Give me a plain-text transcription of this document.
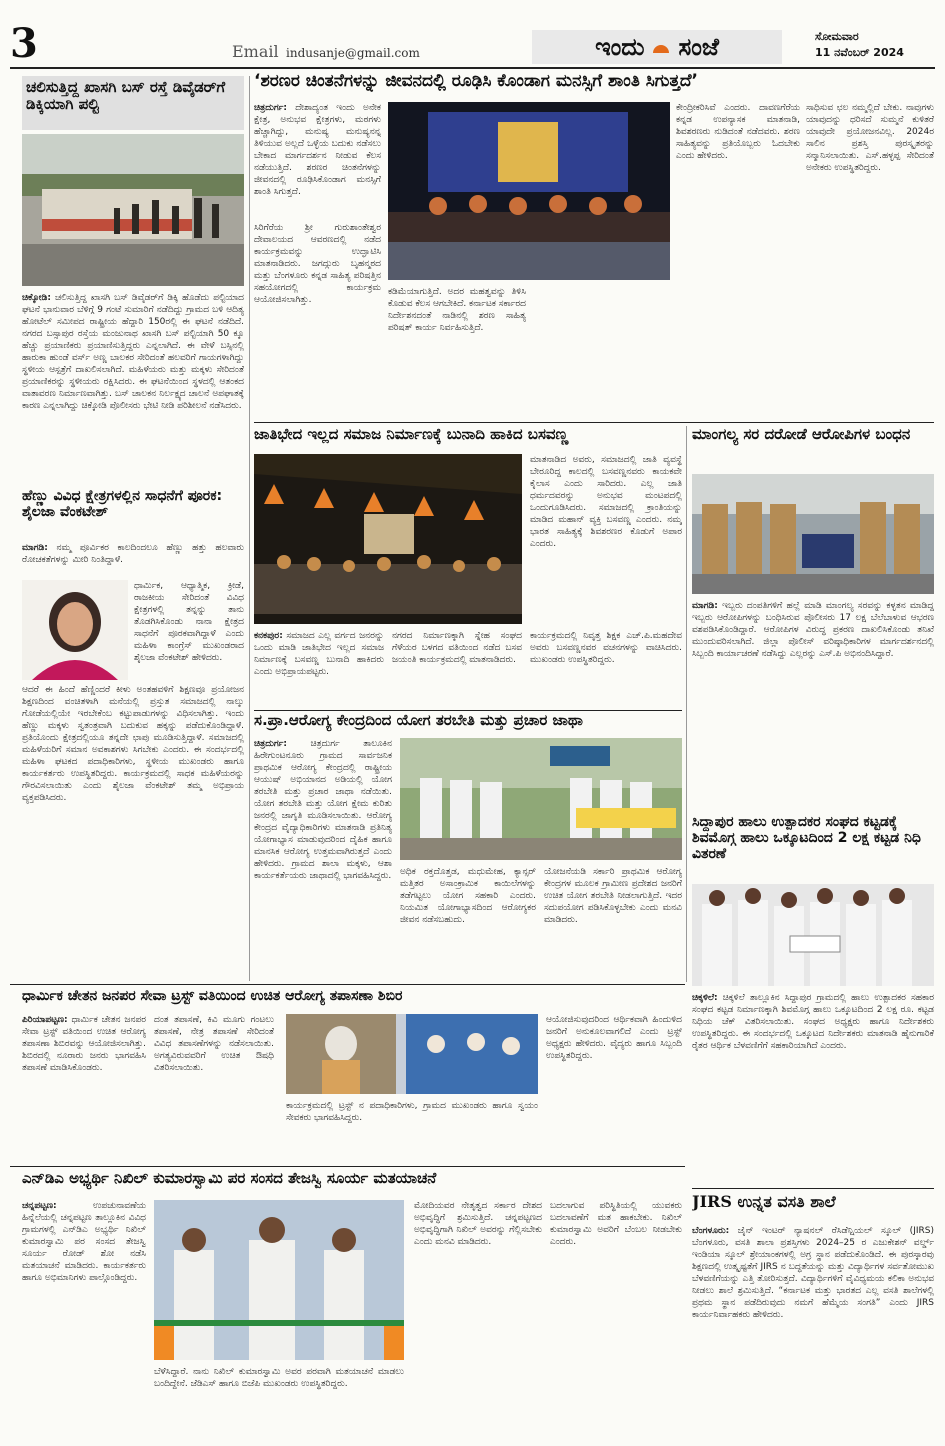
3	Email indusanje@gmail.com	ಇಂದು ಸಂಜೆ	ಸೋಮವಾರ
11 ನವೆಂಬರ್ 2024
ಚಲಿಸುತ್ತಿದ್ದ ಖಾಸಗಿ ಬಸ್ ರಸ್ತೆ ಡಿವೈಡರ್‌ಗೆ ಡಿಕ್ಕಿಯಾಗಿ ಪಲ್ಟಿ
ಚಿಕ್ಕೋಡಿ: ಚಲಿಸುತ್ತಿದ್ದ ಖಾಸಗಿ ಬಸ್ ಡಿವೈಡರ್‌ಗೆ ಡಿಕ್ಕಿ ಹೊಡೆದು ಪಲ್ಟಿಯಾದ ಘಟನೆ ಭಾನುವಾರ ಬೆಳಿಗ್ಗೆ 9 ಗಂಟೆ ಸುಮಾರಿಗೆ ನಡೆದಿದ್ದು ಗ್ರಾಮದ ಬಳಿ ಆದಿತ್ಯ ಹೋಟೆಲ್ ಸಮೀಪದ ರಾಷ್ಟ್ರೀಯ ಹೆದ್ದಾರಿ 150ರಲ್ಲಿ ಈ ಘಟನೆ ನಡೆದಿದೆ. ನಗರದ ಬಸ್ಸಾಪುರ ರಸ್ತೆಯ ಮಂಜುನಾಥ ಖಾಸಗಿ ಬಸ್ ಪಲ್ಟಿಯಾಗಿ 50 ಕ್ಕೂ ಹೆಚ್ಚು ಪ್ರಯಾಣಿಕರು ಪ್ರಯಾಣಿಸುತ್ತಿದ್ದರು ಎನ್ನಲಾಗಿದೆ. ಈ ವೇಳೆ ಬಸ್ಸಿನಲ್ಲಿ ಹಾರುಕಾ ಹುಂಡೆ ವರ್ಸ್ ಅಣ್ಣ ಬಾಲಕರ ಸೇರಿದಂತೆ ಹಲವರಿಗೆ ಗಾಯಗಳಾಗಿದ್ದು ಸ್ಥಳೀಯ ಆಸ್ಪತ್ರೆಗೆ ದಾಖಲಿಸಲಾಗಿದೆ. ಮಹಿಳೆಯರು ಮತ್ತು ಮಕ್ಕಳು ಸೇರಿದಂತೆ ಪ್ರಯಾಣಿಕರನ್ನು ಸ್ಥಳೀಯರು ರಕ್ಷಿಸಿದರು. ಈ ಘಟನೆಯಿಂದ ಸ್ಥಳದಲ್ಲಿ ಆತಂಕದ ವಾತಾವರಣ ನಿರ್ಮಾಣವಾಗಿತ್ತು. ಬಸ್ ಚಾಲಕನ ನಿರ್ಲಕ್ಷ್ಯದ ಚಾಲನೆ ಅಪಘಾತಕ್ಕೆ ಕಾರಣ ಎನ್ನಲಾಗಿದ್ದು ಚಿಕ್ಕೋಡಿ ಪೊಲೀಸರು ಭೇಟಿ ನೀಡಿ ಪರಿಶೀಲನೆ ನಡೆಸಿದರು.
ಹೆಣ್ಣು ವಿವಿಧ ಕ್ಷೇತ್ರಗಳಲ್ಲಿನ ಸಾಧನೆಗೆ ಪೂರಕ: ಶೈಲಜಾ ವೆಂಕಟೇಶ್
ಮಾಗಡಿ: ನಮ್ಮ ಪೂರ್ವಿಕರ ಕಾಲದಿಂದಲೂ ಹೆಣ್ಣು ಹತ್ತು ಹಲವಾರು ರೋಚಕತೆಗಳನ್ನು ಮೀರಿ ನಿಂತಿದ್ದಾಳೆ.
ಧಾರ್ಮಿಕ, ಆಧ್ಯಾತ್ಮಿಕ, ಕ್ರೀಡೆ, ರಾಜಕೀಯ ಸೇರಿದಂತೆ ವಿವಿಧ ಕ್ಷೇತ್ರಗಳಲ್ಲಿ ತನ್ನನ್ನು ತಾನು ತೊಡಗಿಸಿಕೊಂಡು ನಾನಾ ಕ್ಷೇತ್ರದ ಸಾಧನೆಗೆ ಪೂರಕವಾಗಿದ್ದಾಳೆ ಎಂದು ಮಹಿಳಾ ಕಾಂಗ್ರೆಸ್ ಮುಖಂಡರಾದ ಶೈಲಜಾ ವೆಂಕಟೇಶ್ ಹೇಳಿದರು.
ಆದರೆ ಈ ಹಿಂದೆ ಹೆಣ್ಣಿಂದರೆ ಕೀಳು ಅಂತಹವಳಿಗೆ ಶಿಕ್ಷಣವೂ ಪ್ರಯೋಜನ ಶಿಕ್ಷಣದಿಂದ ವಂಚಿತಳಾಗಿ ಮನೆಯಲ್ಲಿ ಪ್ರಸ್ತುತ ಸಮಾಜದಲ್ಲಿ ನಾಲ್ಕು ಗೋಡೆಯಲ್ಲಿಯೇ ಇರಬೇಕೆಂಬ ಕಟ್ಟುಪಾಡುಗಳನ್ನು ವಿಧಿಸಲಾಗಿತ್ತು. ಇಂದು ಹೆಣ್ಣು ಮಕ್ಕಳು ಸ್ವತಂತ್ರವಾಗಿ ಬದುಕುವ ಹಕ್ಕನ್ನು ಪಡೆದುಕೊಂಡಿದ್ದಾಳೆ. ಪ್ರತಿಯೊಂದು ಕ್ಷೇತ್ರದಲ್ಲಿಯೂ ತನ್ನದೇ ಛಾಪು ಮೂಡಿಸುತ್ತಿದ್ದಾಳೆ. ಸಮಾಜದಲ್ಲಿ ಮಹಿಳೆಯರಿಗೆ ಸಮಾನ ಅವಕಾಶಗಳು ಸಿಗಬೇಕು ಎಂದರು. ಈ ಸಂದರ್ಭದಲ್ಲಿ ಮಹಿಳಾ ಘಟಕದ ಪದಾಧಿಕಾರಿಗಳು, ಸ್ಥಳೀಯ ಮುಖಂಡರು ಹಾಗೂ ಕಾರ್ಯಕರ್ತರು ಉಪಸ್ಥಿತರಿದ್ದರು. ಕಾರ್ಯಕ್ರಮದಲ್ಲಿ ಸಾಧಕ ಮಹಿಳೆಯರನ್ನು ಗೌರವಿಸಲಾಯಿತು ಎಂದು ಶೈಲಜಾ ವೆಂಕಟೇಶ್ ತಮ್ಮ ಅಭಿಪ್ರಾಯ ವ್ಯಕ್ತಪಡಿಸಿದರು.
‘ಶರಣರ ಚಿಂತನೆಗಳನ್ನು ಜೀವನದಲ್ಲಿ ರೂಢಿಸಿ ಕೊಂಡಾಗ ಮನಸ್ಸಿಗೆ ಶಾಂತಿ ಸಿಗುತ್ತದೆ’
ಚಿತ್ರದುರ್ಗ: ದೇಶಾದ್ಯಂತ ಇಂದು ಅನೇಕ ಕ್ಷೇತ್ರ, ಅನುಭವ ಕ್ಷೇತ್ರಗಳು, ಮಠಗಳು ಹೆಚ್ಚಾಗಿದ್ದು, ಮನುಷ್ಯ ಮನುಷ್ಯನನ್ನ ತಿಳಿಯುವ ಅಲ್ಲದೆ ಒಳ್ಳೆಯ ಬದುಕು ನಡೆಸಲು ಬೇಕಾದ ಮಾರ್ಗದರ್ಶನ ನೀಡುವ ಕೆಲಸ ನಡೆಯುತ್ತಿದೆ. ಶರಣರ ಚಿಂತನೆಗಳನ್ನು ಜೀವನದಲ್ಲಿ ರೂಢಿಸಿಕೊಂಡಾಗ ಮನಸ್ಸಿಗೆ ಶಾಂತಿ ಸಿಗುತ್ತದೆ.
ಸಿರಿಗೆರೆಯ ಶ್ರೀ ಗುರುಶಾಂತೇಶ್ವರ ದೇವಾಲಯದ ಆವರಣದಲ್ಲಿ ನಡೆದ ಕಾರ್ಯಕ್ರಮವನ್ನು ಉದ್ಘಾಟಿಸಿ ಮಾತನಾಡಿದರು. ಜಗದ್ಗುರು ಬೃಹನ್ಮಠದ ಮತ್ತು ಬೆಂಗಳೂರು ಕನ್ನಡ ಸಾಹಿತ್ಯ ಪರಿಷತ್ತಿನ ಸಹಯೋಗದಲ್ಲಿ ಕಾರ್ಯಕ್ರಮ ಆಯೋಜಿಸಲಾಗಿತ್ತು.
ಕಡಿಮೆಯಾಗುತ್ತಿದೆ. ಅದರ ಮಹತ್ವವನ್ನು ತಿಳಿಸಿ ಕೊಡುವ ಕೆಲಸ ಆಗಬೇಕಿದೆ. ಕರ್ನಾಟಕ ಸರ್ಕಾರದ ನಿರ್ದೇಶನದಂತೆ ನಾಡಿನಲ್ಲಿ ಶರಣ ಸಾಹಿತ್ಯ ಪರಿಷತ್ ಕಾರ್ಯ ನಿರ್ವಹಿಸುತ್ತಿದೆ.
ಕೇಂದ್ರೀಕರಿಸಿವೆ ಎಂದರು. ದಾವಣಗೆರೆಯ ಕನ್ನಡ ಉಪನ್ಯಾಸಕ ಮಾತನಾಡಿ, ಶಿವಶರಣರು ನುಡಿದಂತೆ ನಡೆದವರು. ಶರಣ ಸಾಹಿತ್ಯವನ್ನು ಪ್ರತಿಯೊಬ್ಬರು ಓದಬೇಕು ಎಂದು ಹೇಳಿದರು.
ಸಾಧಿಸುವ ಛಲ ನಮ್ಮಲ್ಲಿದೆ ಬೇಕು. ನಾವುಗಳು ಯಾವುದನ್ನು ಧರಿಸದೆ ಸುಮ್ಮನೆ ಕುಳಿತರೆ ಯಾವುದೇ ಪ್ರಯೋಜನವಿಲ್ಲ. 2024ರ ಸಾಲಿನ ಪ್ರಶಸ್ತಿ ಪುರಸ್ಕೃತರನ್ನು ಸನ್ಮಾನಿಸಲಾಯಿತು. ಎಸ್.ಹಳ್ಳಪ್ಪ ಸೇರಿದಂತೆ ಅನೇಕರು ಉಪಸ್ಥಿತರಿದ್ದರು.
ಜಾತಿಭೇದ ಇಲ್ಲದ ಸಮಾಜ ನಿರ್ಮಾಣಕ್ಕೆ ಬುನಾದಿ ಹಾಕಿದ ಬಸವಣ್ಣ
ಮಾತನಾಡಿದ ಅವರು, ಸಮಾಜದಲ್ಲಿ ಜಾತಿ ವ್ಯವಸ್ಥೆ ಬೇರೂರಿದ್ದ ಕಾಲದಲ್ಲಿ ಬಸವಣ್ಣನವರು ಕಾಯಕವೇ ಕೈಲಾಸ ಎಂದು ಸಾರಿದರು. ಎಲ್ಲ ಜಾತಿ ಧರ್ಮದವರನ್ನು ಅನುಭವ ಮಂಟಪದಲ್ಲಿ ಒಂದುಗೂಡಿಸಿದರು. ಸಮಾಜದಲ್ಲಿ ಕ್ರಾಂತಿಯನ್ನು ಮಾಡಿದ ಮಹಾನ್ ವ್ಯಕ್ತಿ ಬಸವಣ್ಣ ಎಂದರು. ನಮ್ಮ ಭಾರತ ಸಾಹಿತ್ಯಕ್ಕೆ ಶಿವಶರಣರ ಕೊಡುಗೆ ಅಪಾರ ಎಂದರು.
ಕನಕಪುರ: ಸಮಾಜದ ಎಲ್ಲ ವರ್ಗದ ಜನರನ್ನು ಒಂದು ಮಾಡಿ ಜಾತಿಭೇದ ಇಲ್ಲದ ಸಮಾಜ ನಿರ್ಮಾಣಕ್ಕೆ ಬಸವಣ್ಣ ಬುನಾದಿ ಹಾಕಿದರು ಎಂದು ಅಭಿಪ್ರಾಯಪಟ್ಟರು.
ನಗರದ ನಿರ್ಮಾಣಕ್ಕಾಗಿ ಸ್ನೇಹ ಸಂಘದ ಗೆಳೆಯರ ಬಳಗದ ವತಿಯಿಂದ ನಡೆದ ಬಸವ ಜಯಂತಿ ಕಾರ್ಯಕ್ರಮದಲ್ಲಿ ಮಾತನಾಡಿದರು.
ಕಾರ್ಯಕ್ರಮದಲ್ಲಿ ನಿವೃತ್ತ ಶಿಕ್ಷಕ ಎಚ್.ಪಿ.ಮಹದೇವ ಅವರು ಬಸವಣ್ಣನವರ ವಚನಗಳನ್ನು ವಾಚಿಸಿದರು. ಮುಖಂಡರು ಉಪಸ್ಥಿತರಿದ್ದರು.
ಮಾಂಗಲ್ಯ ಸರ ದರೋಡೆ ಆರೋಪಿಗಳ ಬಂಧನ
ಮಾಗಡಿ: ಇಬ್ಬರು ದಂಪತಿಗಳಿಗೆ ಹಲ್ಲೆ ಮಾಡಿ ಮಾಂಗಲ್ಯ ಸರವನ್ನು ಕಳ್ಳತನ ಮಾಡಿದ್ದ ಇಬ್ಬರು ಆರೋಪಿಗಳನ್ನು ಬಂಧಿಸಿರುವ ಪೊಲೀಸರು 17 ಲಕ್ಷ ಬೆಲೆಬಾಳುವ ಆಭರಣ ವಶಪಡಿಸಿಕೊಂಡಿದ್ದಾರೆ. ಆರೋಪಿಗಳ ವಿರುದ್ಧ ಪ್ರಕರಣ ದಾಖಲಿಸಿಕೊಂಡು ತನಿಖೆ ಮುಂದುವರಿಸಲಾಗಿದೆ. ಜಿಲ್ಲಾ ಪೊಲೀಸ್ ವರಿಷ್ಠಾಧಿಕಾರಿಗಳ ಮಾರ್ಗದರ್ಶನದಲ್ಲಿ ಸಿಬ್ಬಂದಿ ಕಾರ್ಯಾಚರಣೆ ನಡೆಸಿದ್ದು ಎಲ್ಲರನ್ನು ಎಸ್.ಪಿ ಅಭಿನಂದಿಸಿದ್ದಾರೆ.
ಸಿದ್ದಾಪುರ ಹಾಲು ಉತ್ಪಾದಕರ ಸಂಘದ ಕಟ್ಟಡಕ್ಕೆ ಶಿವಮೊಗ್ಗ ಹಾಲು ಒಕ್ಕೂಟದಿಂದ 2 ಲಕ್ಷ ಕಟ್ಟಡ ನಿಧಿ ವಿತರಣೆ
ಚಿಕ್ಕಳಿಲೆ: ಚಿಕ್ಕಳಿಲೆ ತಾಲ್ಲೂಕಿನ ಸಿದ್ದಾಪುರ ಗ್ರಾಮದಲ್ಲಿ ಹಾಲು ಉತ್ಪಾದಕರ ಸಹಕಾರ ಸಂಘದ ಕಟ್ಟಡ ನಿರ್ಮಾಣಕ್ಕಾಗಿ ಶಿವಮೊಗ್ಗ ಹಾಲು ಒಕ್ಕೂಟದಿಂದ 2 ಲಕ್ಷ ರೂ. ಕಟ್ಟಡ ನಿಧಿಯ ಚೆಕ್ ವಿತರಿಸಲಾಯಿತು. ಸಂಘದ ಅಧ್ಯಕ್ಷರು ಹಾಗೂ ನಿರ್ದೇಶಕರು ಉಪಸ್ಥಿತರಿದ್ದರು. ಈ ಸಂದರ್ಭದಲ್ಲಿ ಒಕ್ಕೂಟದ ನಿರ್ದೇಶಕರು ಮಾತನಾಡಿ ಹೈನುಗಾರಿಕೆ ರೈತರ ಆರ್ಥಿಕ ಬೆಳವಣಿಗೆಗೆ ಸಹಕಾರಿಯಾಗಿದೆ ಎಂದರು.
ಸ.ಪ್ರಾ.ಆರೋಗ್ಯ ಕೇಂದ್ರದಿಂದ ಯೋಗ ತರಬೇತಿ ಮತ್ತು ಪ್ರಚಾರ ಜಾಥಾ
ಚಿತ್ರದುರ್ಗ:	ಚಿತ್ರದುರ್ಗ ತಾಲೂಕಿನ ಹಿರೇಗುಂಟನೂರು ಗ್ರಾಮದ ಸಾರ್ವಜನಿಕ ಪ್ರಾಥಮಿಕ ಆರೋಗ್ಯ ಕೇಂದ್ರದಲ್ಲಿ ರಾಷ್ಟ್ರೀಯ ಆಯುಷ್ ಅಭಿಯಾನದ ಅಡಿಯಲ್ಲಿ ಯೋಗ ತರಬೇತಿ ಮತ್ತು ಪ್ರಚಾರ ಜಾಥಾ ನಡೆಯಿತು. ಯೋಗ ತರಬೇತಿ ಮತ್ತು ಯೋಗ ಕ್ಷೇಮ ಕುರಿತು ಜನರಲ್ಲಿ ಜಾಗೃತಿ ಮೂಡಿಸಲಾಯಿತು. ಆರೋಗ್ಯ ಕೇಂದ್ರದ ವೈದ್ಯಾಧಿಕಾರಿಗಳು ಮಾತನಾಡಿ ಪ್ರತಿನಿತ್ಯ ಯೋಗಾಭ್ಯಾಸ ಮಾಡುವುದರಿಂದ ದೈಹಿಕ ಹಾಗೂ ಮಾನಸಿಕ ಆರೋಗ್ಯ ಉತ್ತಮವಾಗಿರುತ್ತದೆ ಎಂದು ಹೇಳಿದರು. ಗ್ರಾಮದ ಶಾಲಾ ಮಕ್ಕಳು, ಆಶಾ ಕಾರ್ಯಕರ್ತೆಯರು ಜಾಥಾದಲ್ಲಿ ಭಾಗವಹಿಸಿದ್ದರು. ಅಧಿಕ ರಕ್ತದೊತ್ತಡ, ಮಧುಮೇಹ, ಕ್ಯಾನ್ಸರ್ ಮತ್ತಿತರ ಅಸಾಂಕ್ರಾಮಿಕ ಕಾಯಿಲೆಗಳನ್ನು ತಡೆಗಟ್ಟಲು ಯೋಗ ಸಹಕಾರಿ ಎಂದರು. ನಿಯಮಿತ ಯೋಗಾಭ್ಯಾಸದಿಂದ ಆರೋಗ್ಯಕರ ಜೀವನ ನಡೆಸಬಹುದು.
ಯೋಜನೆಯಡಿ ಸರ್ಕಾರಿ ಪ್ರಾಥಮಿಕ ಆರೋಗ್ಯ ಕೇಂದ್ರಗಳ ಮೂಲಕ ಗ್ರಾಮೀಣ ಪ್ರದೇಶದ ಜನರಿಗೆ ಉಚಿತ ಯೋಗ ತರಬೇತಿ ನೀಡಲಾಗುತ್ತಿದೆ. ಇದರ ಸದುಪಯೋಗ ಪಡಿಸಿಕೊಳ್ಳಬೇಕು ಎಂದು ಮನವಿ ಮಾಡಿದರು.
ಧಾರ್ಮಿಕ ಚೇತನ ಜನಪರ ಸೇವಾ ಟ್ರಸ್ಟ್ ವತಿಯಿಂದ ಉಚಿತ ಆರೋಗ್ಯ ತಪಾಸಣಾ ಶಿಬಿರ
ಪಿರಿಯಾಪಟ್ಟಣ: ಧಾರ್ಮಿಕ ಚೇತನ ಜನಪರ ಸೇವಾ ಟ್ರಸ್ಟ್ ವತಿಯಿಂದ ಉಚಿತ ಆರೋಗ್ಯ ತಪಾಸಣಾ ಶಿಬಿರವನ್ನು ಆಯೋಜಿಸಲಾಗಿತ್ತು. ಶಿಬಿರದಲ್ಲಿ ನೂರಾರು ಜನರು ಭಾಗವಹಿಸಿ ತಪಾಸಣೆ ಮಾಡಿಸಿಕೊಂಡರು.
ದಂತ ತಪಾಸಣೆ, ಕಿವಿ ಮೂಗು ಗಂಟಲು ತಪಾಸಣೆ, ನೇತ್ರ ತಪಾಸಣೆ ಸೇರಿದಂತೆ ವಿವಿಧ ತಪಾಸಣೆಗಳನ್ನು ನಡೆಸಲಾಯಿತು. ಅಗತ್ಯವಿರುವವರಿಗೆ ಉಚಿತ ಔಷಧಿ ವಿತರಿಸಲಾಯಿತು.
ಆಯೋಜಿಸುವುದರಿಂದ ಆರ್ಥಿಕವಾಗಿ ಹಿಂದುಳಿದ ಜನರಿಗೆ ಅನುಕೂಲವಾಗಲಿದೆ ಎಂದು ಟ್ರಸ್ಟ್ ಅಧ್ಯಕ್ಷರು ಹೇಳಿದರು. ವೈದ್ಯರು ಹಾಗೂ ಸಿಬ್ಬಂದಿ ಉಪಸ್ಥಿತರಿದ್ದರು.
ಕಾರ್ಯಕ್ರಮದಲ್ಲಿ ಟ್ರಸ್ಟ್ ನ ಪದಾಧಿಕಾರಿಗಳು, ಗ್ರಾಮದ ಮುಖಂಡರು ಹಾಗೂ ಸ್ವಯಂ ಸೇವಕರು ಭಾಗವಹಿಸಿದ್ದರು.
ಎನ್‌ಡಿಎ ಅಭ್ಯರ್ಥಿ ನಿಖಿಲ್ ಕುಮಾರಸ್ವಾಮಿ ಪರ ಸಂಸದ ತೇಜಸ್ವಿ ಸೂರ್ಯ ಮತಯಾಚನೆ
ಚನ್ನಪಟ್ಟಣ:	ಉಪಚುನಾವಣೆಯ ಹಿನ್ನೆಲೆಯಲ್ಲಿ ಚನ್ನಪಟ್ಟಣ ತಾಲ್ಲೂಕಿನ ವಿವಿಧ ಗ್ರಾಮಗಳಲ್ಲಿ ಎನ್‌ಡಿಎ ಅಭ್ಯರ್ಥಿ ನಿಖಿಲ್ ಕುಮಾರಸ್ವಾಮಿ ಪರ ಸಂಸದ ತೇಜಸ್ವಿ ಸೂರ್ಯ ರೋಡ್ ಶೋ ನಡೆಸಿ ಮತಯಾಚನೆ ಮಾಡಿದರು. ಕಾರ್ಯಕರ್ತರು ಹಾಗೂ ಅಭಿಮಾನಿಗಳು ಪಾಲ್ಗೊಂಡಿದ್ದರು.
ಮೋದಿಯವರ ನೇತೃತ್ವದ ಸರ್ಕಾರ ದೇಶದ ಅಭಿವೃದ್ಧಿಗೆ ಶ್ರಮಿಸುತ್ತಿದೆ. ಚನ್ನಪಟ್ಟಣದ ಅಭಿವೃದ್ಧಿಗಾಗಿ ನಿಖಿಲ್ ಅವರನ್ನು ಗೆಲ್ಲಿಸಬೇಕು ಎಂದು ಮನವಿ ಮಾಡಿದರು.
ಬದಲಾಗುವ ಪರಿಸ್ಥಿತಿಯಲ್ಲಿ ಯುವಕರು ಬದಲಾವಣೆಗೆ ಮತ ಹಾಕಬೇಕು. ನಿಖಿಲ್ ಕುಮಾರಸ್ವಾಮಿ ಅವರಿಗೆ ಬೆಂಬಲ ನೀಡಬೇಕು ಎಂದರು.
ಬೆಳೆಸಿದ್ದಾರೆ. ನಾನು ನಿಖಿಲ್ ಕುಮಾರಸ್ವಾಮಿ ಅವರ ಪರವಾಗಿ ಮತಯಾಚನೆ ಮಾಡಲು ಬಂದಿದ್ದೇನೆ. ಜೆಡಿಎಸ್ ಹಾಗೂ ಬಿಜೆಪಿ ಮುಖಂಡರು ಉಪಸ್ಥಿತರಿದ್ದರು.
JIRS ಉನ್ನತ ವಸತಿ ಶಾಲೆ
ಬೆಂಗಳೂರು: ಜೈನ್ ಇಂಟರ್ ನ್ಯಾಷನಲ್ ರೆಸಿಡೆನ್ಷಿಯಲ್ ಸ್ಕೂಲ್ (JIRS) ಬೆಂಗಳೂರು, ವಸತಿ ಶಾಲಾ ಪ್ರಶಸ್ತಿಗಳು 2024–25 ರ ಎಜುಕೇಶನ್ ವರ್ಲ್ಡ್ ಇಂಡಿಯಾ ಸ್ಕೂಲ್ ಶ್ರೇಯಾಂಕಗಳಲ್ಲಿ ಅಗ್ರ ಸ್ಥಾನ ಪಡೆದುಕೊಂಡಿದೆ. ಈ ಪುರಸ್ಕಾರವು ಶಿಕ್ಷಣದಲ್ಲಿ ಉತ್ಕೃಷ್ಟತೆಗೆ JIRS ನ ಬದ್ಧತೆಯನ್ನು ಮತ್ತು ವಿದ್ಯಾರ್ಥಿಗಳ ಸರ್ವತೋಮುಖ ಬೆಳವಣಿಗೆಯನ್ನು ಎತ್ತಿ ತೋರಿಸುತ್ತದೆ. ವಿದ್ಯಾರ್ಥಿಗಳಿಗೆ ವೈವಿಧ್ಯಮಯ ಕಲಿಕಾ ಅನುಭವ ನೀಡಲು ಶಾಲೆ ಶ್ರಮಿಸುತ್ತಿದೆ. “ಕರ್ನಾಟಕ ಮತ್ತು ಭಾರತದ ಎಲ್ಲ ವಸತಿ ಶಾಲೆಗಳಲ್ಲಿ ಪ್ರಥಮ ಸ್ಥಾನ ಪಡೆದಿರುವುದು ನಮಗೆ ಹೆಮ್ಮೆಯ ಸಂಗತಿ” ಎಂದು JIRS ಕಾರ್ಯನಿರ್ವಾಹಕರು ಹೇಳಿದರು.
